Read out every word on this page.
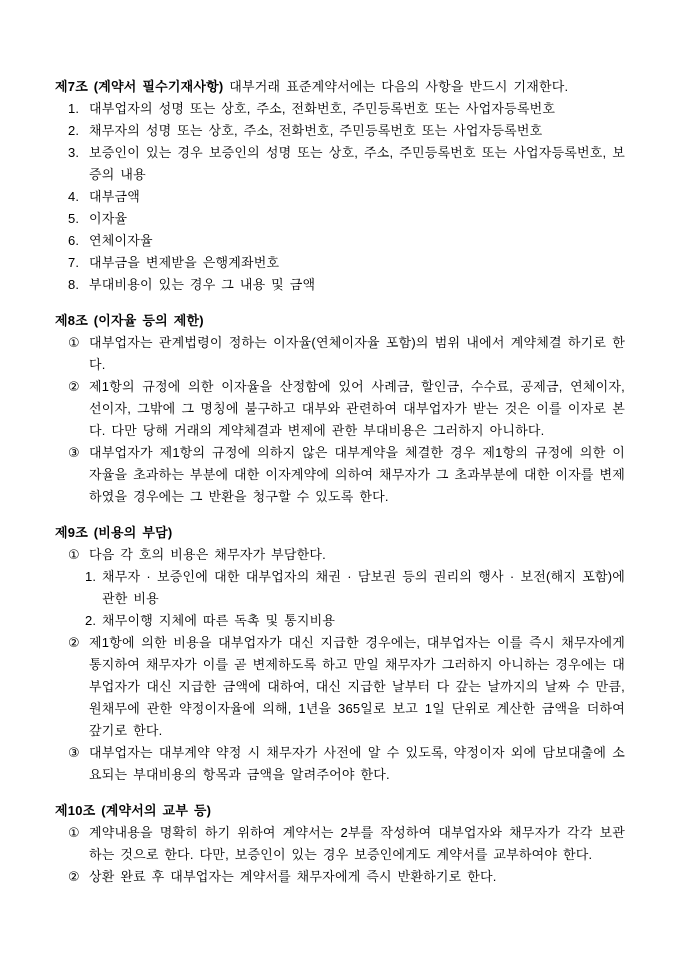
제7조 (계약서 필수기재사항) 대부거래 표준계약서에는 다음의 사항을 반드시 기재한다.

1. 대부업자의 성명 또는 상호, 주소, 전화번호, 주민등록번호 또는 사업자등록번호
2. 채무자의 성명 또는 상호, 주소, 전화번호, 주민등록번호 또는 사업자등록번호
3. 보증인이 있는 경우 보증인의 성명 또는 상호, 주소, 주민등록번호 또는 사업자등록번호, 보증의 내용
4. 대부금액
5. 이자율
6. 연체이자율
7. 대부금을 변제받을 은행계좌번호
8. 부대비용이 있는 경우 그 내용 및 금액

제8조 (이자율 등의 제한)

① 대부업자는 관계법령이 정하는 이자율(연체이자율 포함)의 범위 내에서 계약체결 하기로 한다.
② 제1항의 규정에 의한 이자율을 산정함에 있어 사례금, 할인금, 수수료, 공제금, 연체이자, 선이자, 그밖에 그 명칭에 불구하고 대부와 관련하여 대부업자가 받는 것은 이를 이자로 본다. 다만 당해 거래의 계약체결과 변제에 관한 부대비용은 그러하지 아니하다.
③ 대부업자가 제1항의 규정에 의하지 않은 대부계약을 체결한 경우 제1항의 규정에 의한 이자율을 초과하는 부분에 대한 이자계약에 의하여 채무자가 그 초과부분에 대한 이자를 변제하였을 경우에는 그 반환을 청구할 수 있도록 한다.

제9조 (비용의 부담)

① 다음 각 호의 비용은 채무자가 부담한다.
1. 채무자 · 보증인에 대한 대부업자의 채권 · 담보권 등의 권리의 행사 · 보전(해지 포함)에 관한 비용
2. 채무이행 지체에 따른 독촉 및 통지비용
② 제1항에 의한 비용을 대부업자가 대신 지급한 경우에는, 대부업자는 이를 즉시 채무자에게 통지하여 채무자가 이를 곧 변제하도록 하고 만일 채무자가 그러하지 아니하는 경우에는 대부업자가 대신 지급한 금액에 대하여, 대신 지급한 날부터 다 갚는 날까지의 날짜 수 만큼, 원채무에 관한 약정이자율에 의해, 1년을 365일로 보고 1일 단위로 계산한 금액을 더하여 갚기로 한다.
③ 대부업자는 대부계약 약정 시 채무자가 사전에 알 수 있도록, 약정이자 외에 담보대출에 소요되는 부대비용의 항목과 금액을 알려주어야 한다.

제10조 (계약서의 교부 등)

① 계약내용을 명확히 하기 위하여 계약서는 2부를 작성하여 대부업자와 채무자가 각각 보관하는 것으로 한다. 다만, 보증인이 있는 경우 보증인에게도 계약서를 교부하여야 한다.
② 상환 완료 후 대부업자는 계약서를 채무자에게 즉시 반환하기로 한다.
